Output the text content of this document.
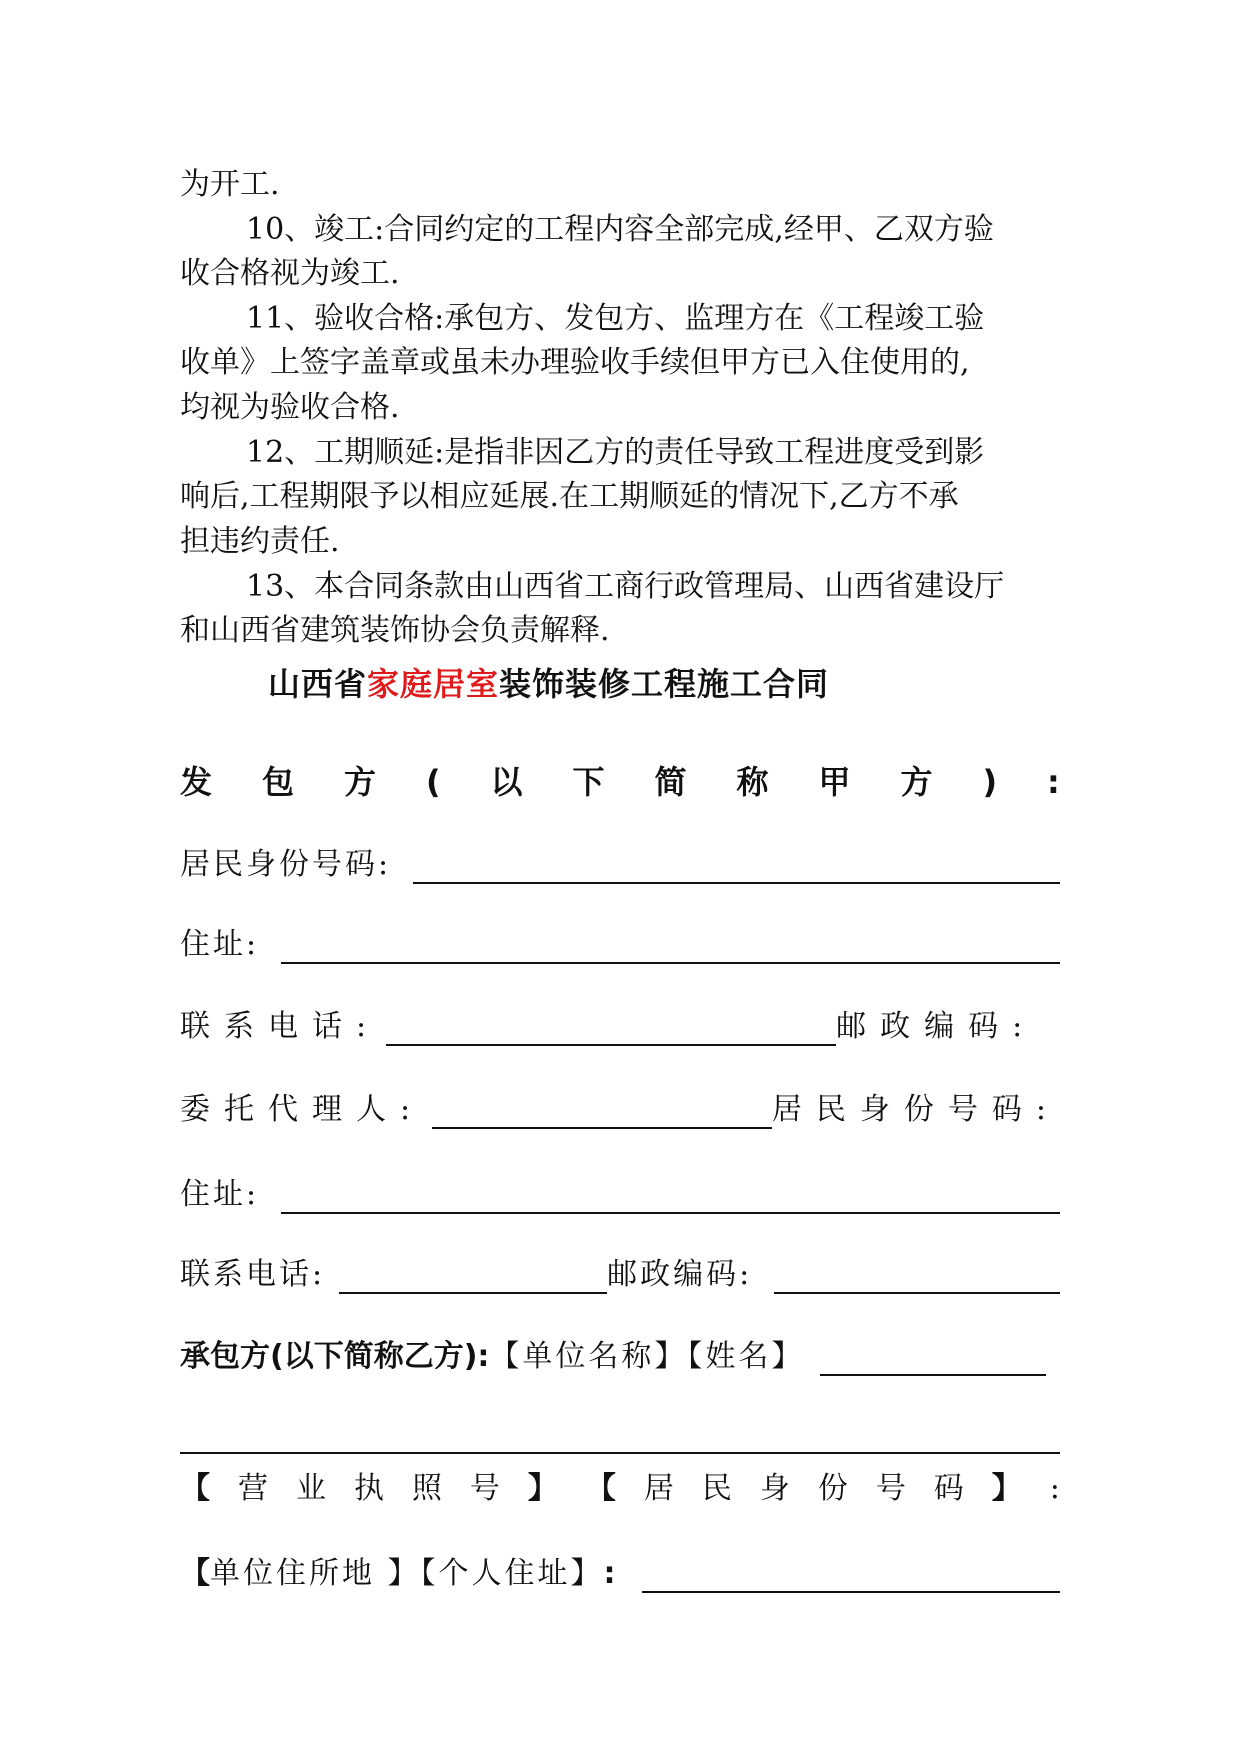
为开工.
10、竣工:合同约定的工程内容全部完成,经甲、乙双方验
收合格视为竣工.
11、验收合格:承包方、发包方、监理方在《工程竣工验
收单》上签字盖章或虽未办理验收手续但甲方已入住使用的,
均视为验收合格.
12、工期顺延:是指非因乙方的责任导致工程进度受到影
响后,工程期限予以相应延展.在工期顺延的情况下,乙方不承
担违约责任.
13、本合同条款由山西省工商行政管理局、山西省建设厅
和山西省建筑装饰协会负责解释.
山西省家庭居室装饰装修工程施工合同
发 包 方 ( 以 下 简 称 甲 方 ) :
居民身份号码:
住址:
联系电话:	邮政编码:
委托代理人:	居民身份号码:
住址:
联系电话:	邮政编码:
承包方(以下简称乙方): 【单位名称】【姓名】
【 营 业 执 照 号 】 【 居 民 身 份 号 码 】 :
【 单位住所地 】【个人住址】 :
